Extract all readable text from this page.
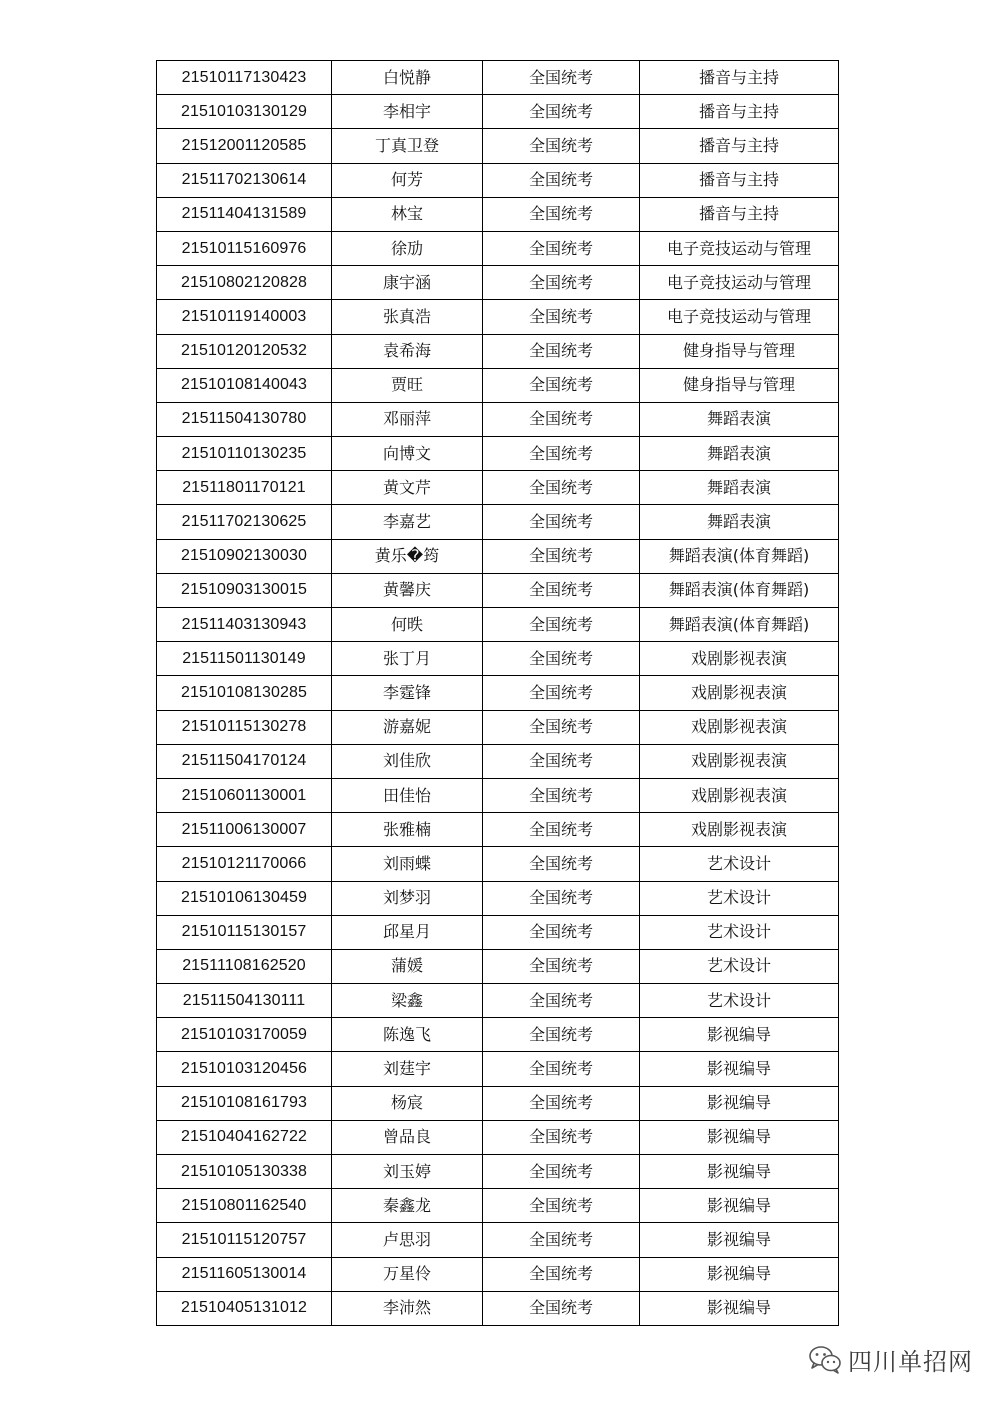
21510117130423	白悦静	全国统考	播音与主持
21510103130129	李相宇	全国统考	播音与主持
21512001120585	丁真卫登	全国统考	播音与主持
21511702130614	何芳	全国统考	播音与主持
21511404131589	林宝	全国统考	播音与主持
21510115160976	徐劢	全国统考	电子竞技运动与管理
21510802120828	康宇涵	全国统考	电子竞技运动与管理
21510119140003	张真浩	全国统考	电子竞技运动与管理
21510120120532	袁希海	全国统考	健身指导与管理
21510108140043	贾旺	全国统考	健身指导与管理
21511504130780	邓丽萍	全国统考	舞蹈表演
21510110130235	向博文	全国统考	舞蹈表演
21511801170121	黄文芹	全国统考	舞蹈表演
21511702130625	李嘉艺	全国统考	舞蹈表演
21510902130030	黄乐�筠	全国统考	舞蹈表演(体育舞蹈)
21510903130015	黄馨庆	全国统考	舞蹈表演(体育舞蹈)
21511403130943	何昳	全国统考	舞蹈表演(体育舞蹈)
21511501130149	张丁月	全国统考	戏剧影视表演
21510108130285	李霆锋	全国统考	戏剧影视表演
21510115130278	游嘉妮	全国统考	戏剧影视表演
21511504170124	刘佳欣	全国统考	戏剧影视表演
21510601130001	田佳怡	全国统考	戏剧影视表演
21511006130007	张雅楠	全国统考	戏剧影视表演
21510121170066	刘雨蝶	全国统考	艺术设计
21510106130459	刘梦羽	全国统考	艺术设计
21510115130157	邱星月	全国统考	艺术设计
21511108162520	蒲媛	全国统考	艺术设计
21511504130111	梁鑫	全国统考	艺术设计
21510103170059	陈逸飞	全国统考	影视编导
21510103120456	刘莛宇	全国统考	影视编导
21510108161793	杨宸	全国统考	影视编导
21510404162722	曾品良	全国统考	影视编导
21510105130338	刘玉婷	全国统考	影视编导
21510801162540	秦鑫龙	全国统考	影视编导
21510115120757	卢思羽	全国统考	影视编导
21511605130014	万星伶	全国统考	影视编导
21510405131012	李沛然	全国统考	影视编导
四川单招网
